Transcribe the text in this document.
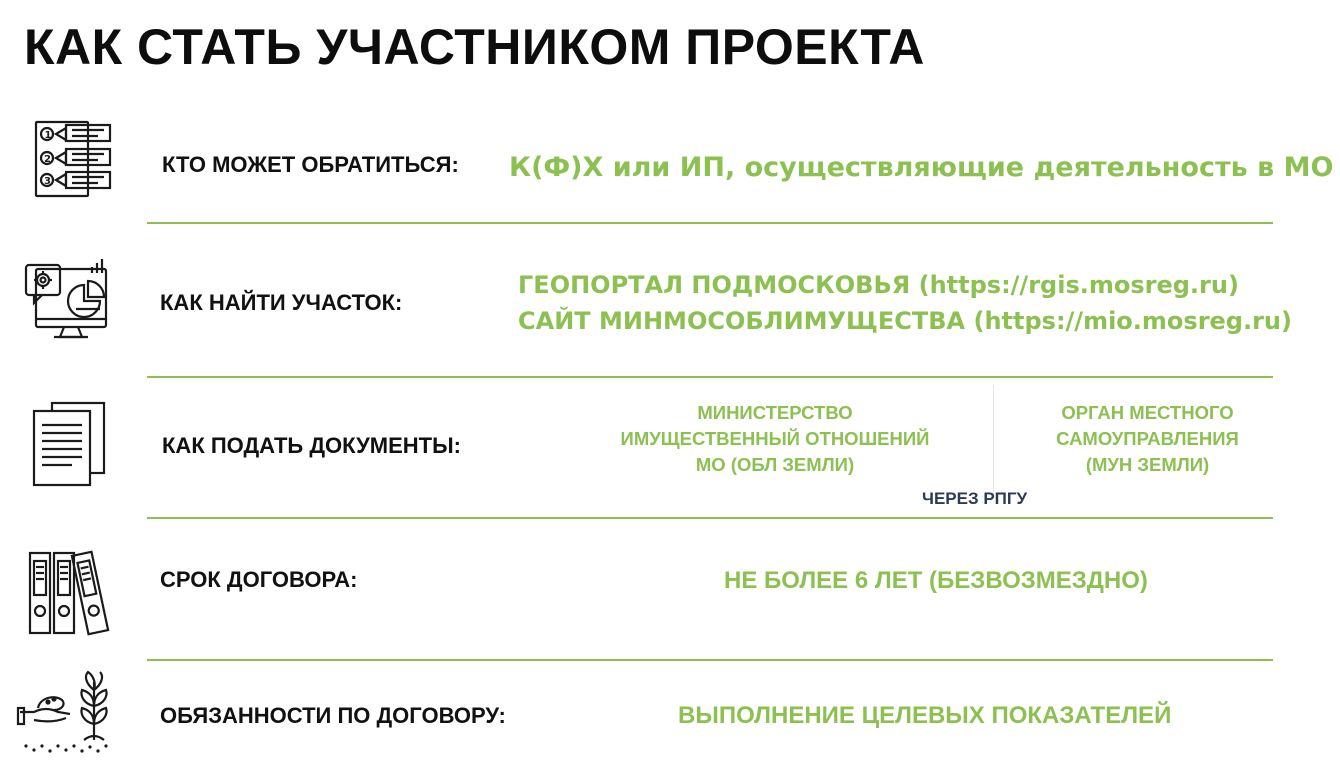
КАК СТАТЬ УЧАСТНИКОМ ПРОЕКТА
1
2
3
КТО МОЖЕТ ОБРАТИТЬСЯ: К(Ф)Х или ИП, осуществляющие деятельность в МО
КАК НАЙТИ УЧАСТОК:
ГЕОПОРТАЛ ПОДМОСКОВЬЯ (https://rgis.mosreg.ru)
САЙТ МИНМОСОБЛИМУЩЕСТВА (https://mio.mosreg.ru)
КАК ПОДАТЬ ДОКУМЕНТЫ:
МИНИСТЕРСТВО
ИМУЩЕСТВЕННЫЙ ОТНОШЕНИЙ
МО (ОБЛ ЗЕМЛИ)
ОРГАН МЕСТНОГО
САМОУПРАВЛЕНИЯ
(МУН ЗЕМЛИ)
ЧЕРЕЗ РПГУ
СРОК ДОГОВОРА:	НЕ БОЛЕЕ 6 ЛЕТ (БЕЗВОЗМЕЗДНО)
ОБЯЗАННОСТИ ПО ДОГОВОРУ:	ВЫПОЛНЕНИЕ ЦЕЛЕВЫХ ПОКАЗАТЕЛЕЙ
